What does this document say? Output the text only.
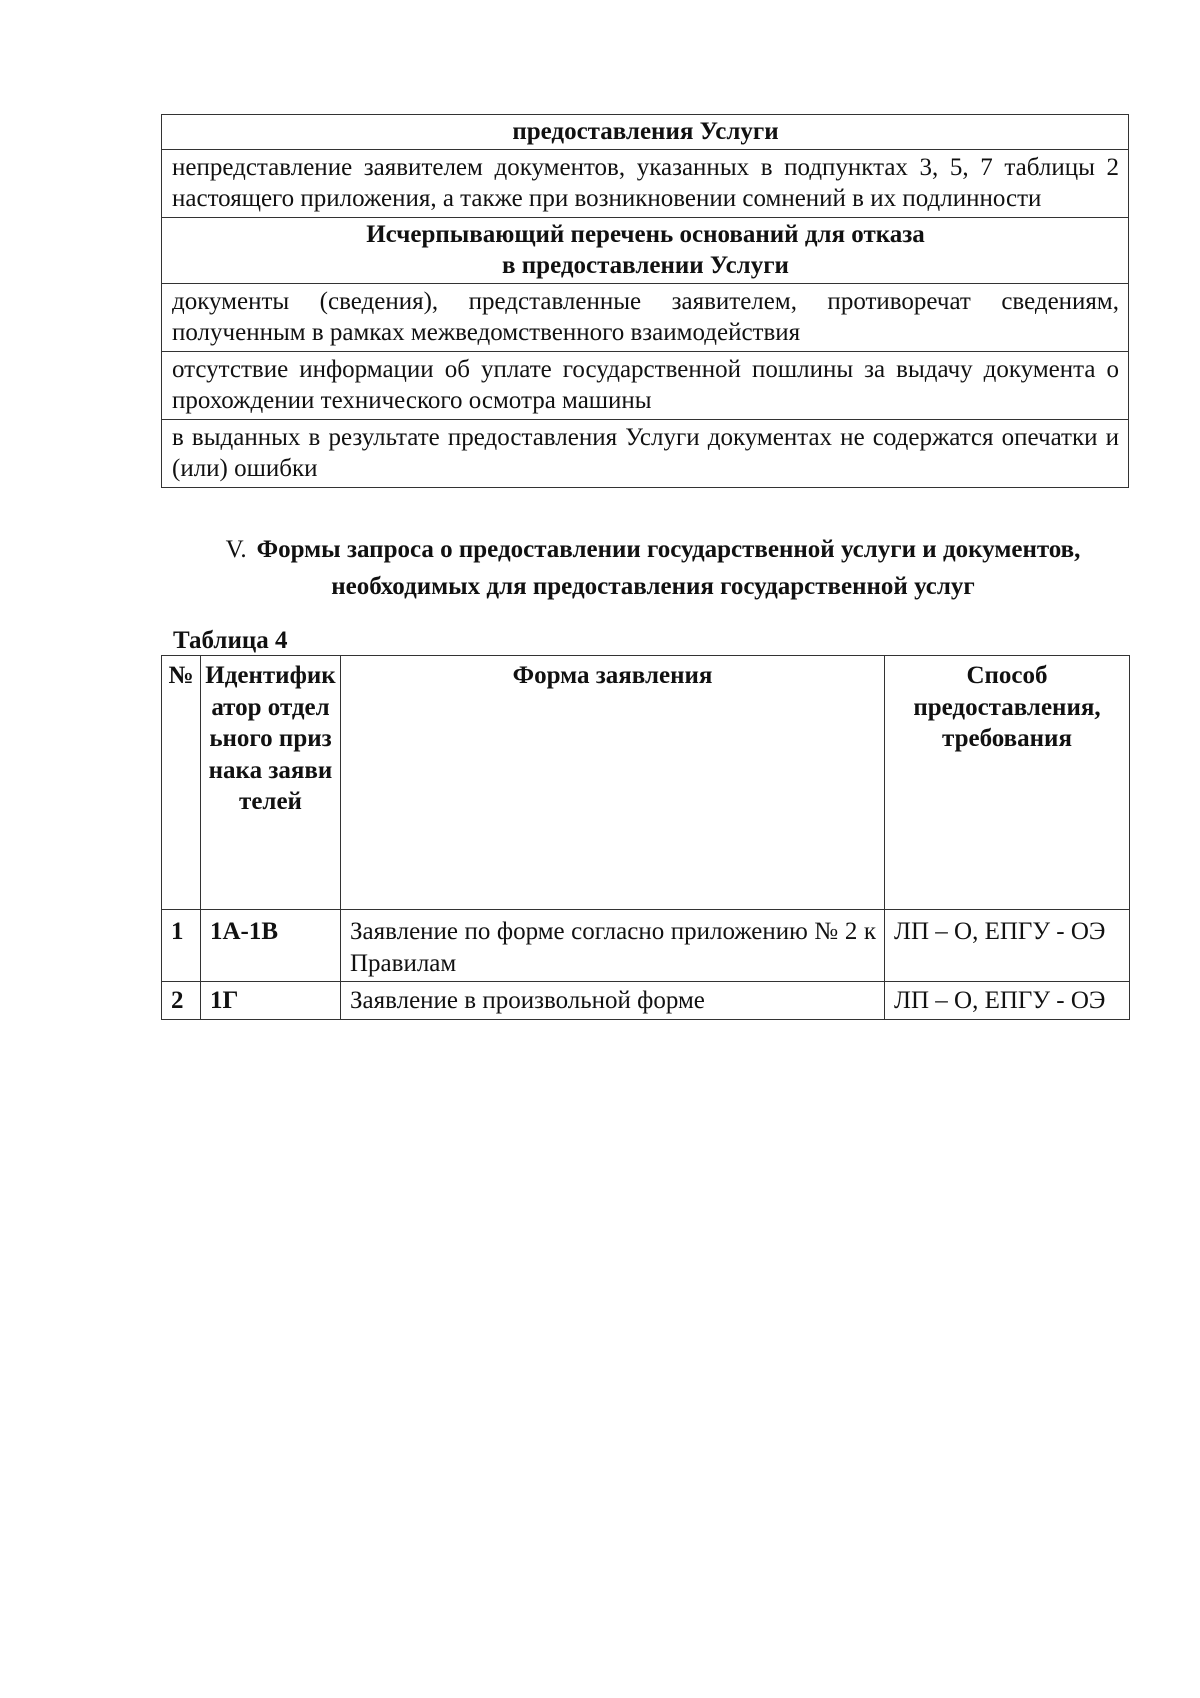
предоставления Услуги
непредставление заявителем документов, указанных в подпунктах 3, 5, 7 таблицы 2 настоящего приложения, а также при возникновении сомнений в их подлинности
Исчерпывающий перечень оснований для отказа
в предоставлении Услуги
документы (сведения), представленные заявителем, противоречат сведениям, полученным в рамках межведомственного взаимодействия
отсутствие информации об уплате государственной пошлины за выдачу документа о прохождении технического осмотра машины
в выданных в результате предоставления Услуги документах не содержатся опечатки и (или) ошибки
V. Формы запроса о предоставлении государственной услуги и документов,
необходимых для предоставления государственной услуг
Таблица 4
№	Идентификатор отдельного признака заявителей	Форма заявления	Способ предоставления, требования
1	1А-1В	Заявление по форме согласно приложению № 2 к Правилам	ЛП – О, ЕПГУ - ОЭ
2	1Г	Заявление в произвольной форме	ЛП – О, ЕПГУ - ОЭ
